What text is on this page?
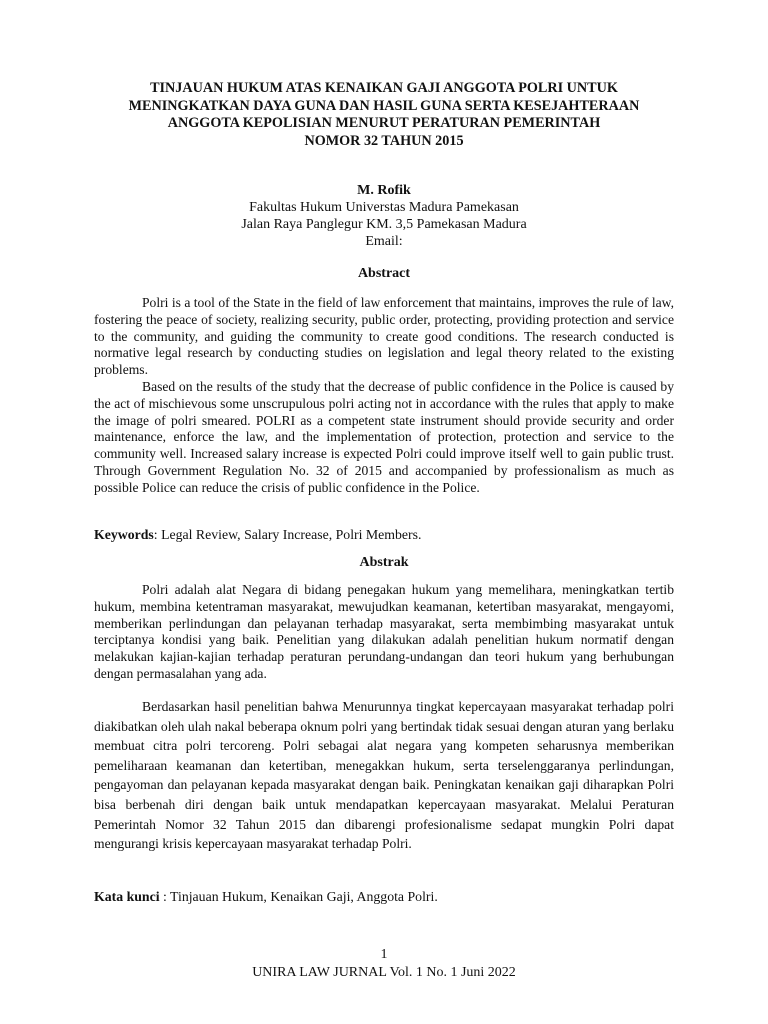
TINJAUAN HUKUM ATAS KENAIKAN GAJI ANGGOTA POLRI UNTUK
MENINGKATKAN DAYA GUNA DAN HASIL GUNA SERTA KESEJAHTERAAN
ANGGOTA KEPOLISIAN MENURUT PERATURAN PEMERINTAH
NOMOR 32 TAHUN 2015
M. Rofik
Fakultas Hukum Universtas Madura Pamekasan
Jalan Raya Panglegur KM. 3,5 Pamekasan Madura
Email:
Abstract

Polri is a tool of the State in the field of law enforcement that maintains, improves the rule of law, fostering the peace of society, realizing security, public order, protecting, providing protection and service to the community, and guiding the community to create good conditions. The research conducted is normative legal research by conducting studies on legislation and legal theory related to the existing problems.

Based on the results of the study that the decrease of public confidence in the Police is caused by the act of mischievous some unscrupulous polri acting not in accordance with the rules that apply to make the image of polri smeared. POLRI as a competent state instrument should provide security and order maintenance, enforce the law, and the implementation of protection, protection and service to the community well. Increased salary increase is expected Polri could improve itself well to gain public trust. Through Government Regulation No. 32 of 2015 and accompanied by professionalism as much as possible Police can reduce the crisis of public confidence in the Police.

Keywords: Legal Review, Salary Increase, Polri Members.
Abstrak

Polri adalah alat Negara di bidang penegakan hukum yang memelihara, meningkatkan tertib hukum, membina ketentraman masyarakat, mewujudkan keamanan, ketertiban masyarakat, mengayomi, memberikan perlindungan dan pelayanan terhadap masyarakat, serta membimbing masyarakat untuk terciptanya kondisi yang baik. Penelitian yang dilakukan adalah penelitian hukum normatif dengan melakukan kajian-kajian terhadap peraturan perundang-undangan dan teori hukum yang berhubungan dengan permasalahan yang ada.

Berdasarkan hasil penelitian bahwa Menurunnya tingkat kepercayaan masyarakat terhadap polri diakibatkan oleh ulah nakal beberapa oknum polri yang bertindak tidak sesuai dengan aturan yang berlaku membuat citra polri tercoreng. Polri sebagai alat negara yang kompeten seharusnya memberikan pemeliharaan keamanan dan ketertiban, menegakkan hukum, serta terselenggaranya perlindungan, pengayoman dan pelayanan kepada masyarakat dengan baik. Peningkatan kenaikan gaji diharapkan Polri bisa berbenah diri dengan baik untuk mendapatkan kepercayaan masyarakat. Melalui Peraturan Pemerintah Nomor 32 Tahun 2015 dan dibarengi profesionalisme sedapat mungkin Polri dapat mengurangi krisis kepercayaan masyarakat terhadap Polri.

Kata kunci : Tinjauan Hukum, Kenaikan Gaji, Anggota Polri.
1
UNIRA LAW JURNAL Vol. 1 No. 1 Juni 2022
